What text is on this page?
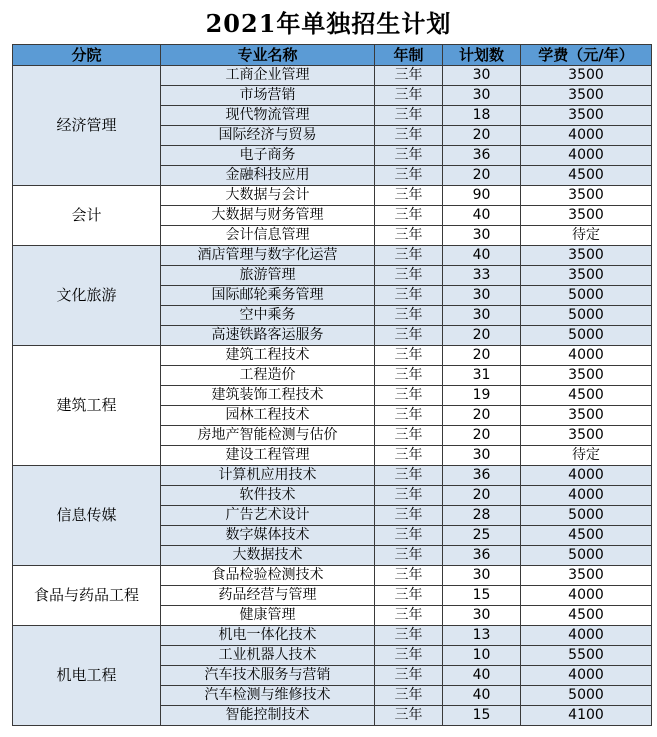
2021年单独招生计划
分院	专业名称	年制	计划数	学费（元/年）
经济管理	工商企业管理	三年	30	3500
	市场营销	三年	30	3500
	现代物流管理	三年	18	3500
	国际经济与贸易	三年	20	4000
	电子商务	三年	36	4000
	金融科技应用	三年	20	4500
会计	大数据与会计	三年	90	3500
	大数据与财务管理	三年	40	3500
	会计信息管理	三年	30	待定
文化旅游	酒店管理与数字化运营	三年	40	3500
	旅游管理	三年	33	3500
	国际邮轮乘务管理	三年	30	5000
	空中乘务	三年	30	5000
	高速铁路客运服务	三年	20	5000
建筑工程	建筑工程技术	三年	20	4000
	工程造价	三年	31	3500
	建筑装饰工程技术	三年	19	4500
	园林工程技术	三年	20	3500
	房地产智能检测与估价	三年	20	3500
	建设工程管理	三年	30	待定
信息传媒	计算机应用技术	三年	36	4000
	软件技术	三年	20	4000
	广告艺术设计	三年	28	5000
	数字媒体技术	三年	25	4500
	大数据技术	三年	36	5000
食品与药品工程	食品检验检测技术	三年	30	3500
	药品经营与管理	三年	15	4000
	健康管理	三年	30	4500
机电工程	机电一体化技术	三年	13	4000
	工业机器人技术	三年	10	5500
	汽车技术服务与营销	三年	40	4000
	汽车检测与维修技术	三年	40	5000
	智能控制技术	三年	15	4100
